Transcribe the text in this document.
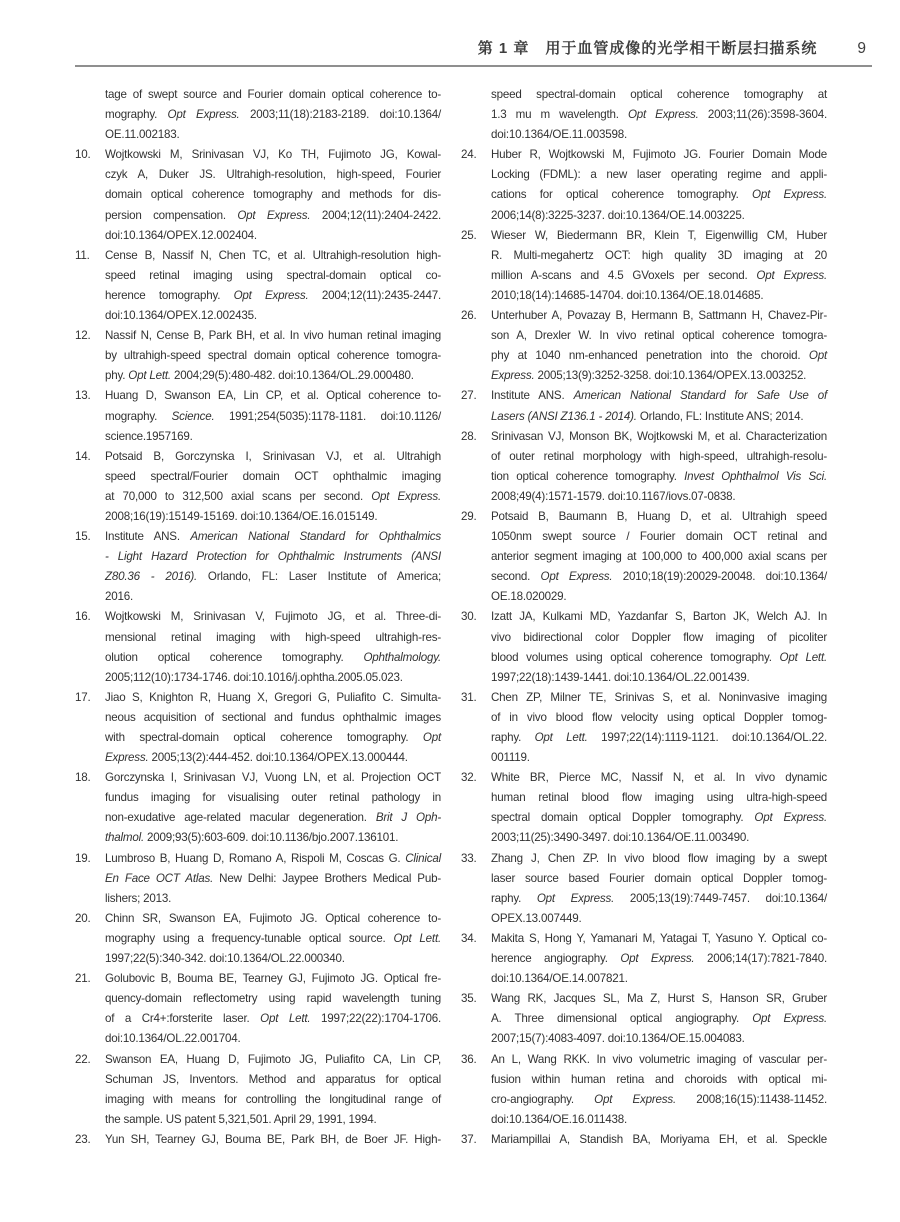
第 1 章　用于血管成像的光学相干断层扫描系统	9
tage of swept source and Fourier domain optical coherence to-
mography. Opt Express. 2003;11(18):2183-2189. doi:10.1364/
OE.11.002183.
10.	Wojtkowski M, Srinivasan VJ, Ko TH, Fujimoto JG, Kowal-
czyk A, Duker JS. Ultrahigh-resolution, high-speed, Fourier
domain optical coherence tomography and methods for dis-
persion compensation. Opt Express. 2004;12(11):2404-2422.
doi:10.1364/OPEX.12.002404.
11.	Cense B, Nassif N, Chen TC, et al. Ultrahigh-resolution high-
speed retinal imaging using spectral-domain optical co-
herence tomography. Opt Express. 2004;12(11):2435-2447.
doi:10.1364/OPEX.12.002435.
12.	Nassif N, Cense B, Park BH, et al. In vivo human retinal imaging
by ultrahigh-speed spectral domain optical coherence tomogra-
phy. Opt Lett. 2004;29(5):480-482. doi:10.1364/OL.29.000480.
13.	Huang D, Swanson EA, Lin CP, et al. Optical coherence to-
mography. Science. 1991;254(5035):1178-1181. doi:10.1126/
science.1957169.
14.	Potsaid B, Gorczynska I, Srinivasan VJ, et al. Ultrahigh
speed spectral/Fourier domain OCT ophthalmic imaging
at 70,000 to 312,500 axial scans per second. Opt Express.
2008;16(19):15149-15169. doi:10.1364/OE.16.015149.
15.	Institute ANS. American National Standard for Ophthalmics
- Light Hazard Protection for Ophthalmic Instruments (ANSI
Z80.36 - 2016). Orlando, FL: Laser Institute of America;
2016.
16.	Wojtkowski M, Srinivasan V, Fujimoto JG, et al. Three-di-
mensional retinal imaging with high-speed ultrahigh-res-
olution optical coherence tomography. Ophthalmology.
2005;112(10):1734-1746. doi:10.1016/j.ophtha.2005.05.023.
17.	Jiao S, Knighton R, Huang X, Gregori G, Puliafito C. Simulta-
neous acquisition of sectional and fundus ophthalmic images
with spectral-domain optical coherence tomography. Opt
Express. 2005;13(2):444-452. doi:10.1364/OPEX.13.000444.
18.	Gorczynska I, Srinivasan VJ, Vuong LN, et al. Projection OCT
fundus imaging for visualising outer retinal pathology in
non-exudative age-related macular degeneration. Brit J Oph-
thalmol. 2009;93(5):603-609. doi:10.1136/bjo.2007.136101.
19.	Lumbroso B, Huang D, Romano A, Rispoli M, Coscas G. Clinical
En Face OCT Atlas. New Delhi: Jaypee Brothers Medical Pub-
lishers; 2013.
20.	Chinn SR, Swanson EA, Fujimoto JG. Optical coherence to-
mography using a frequency-tunable optical source. Opt Lett.
1997;22(5):340-342. doi:10.1364/OL.22.000340.
21.	Golubovic B, Bouma BE, Tearney GJ, Fujimoto JG. Optical fre-
quency-domain reflectometry using rapid wavelength tuning
of a Cr4+:forsterite laser. Opt Lett. 1997;22(22):1704-1706.
doi:10.1364/OL.22.001704.
22.	Swanson EA, Huang D, Fujimoto JG, Puliafito CA, Lin CP,
Schuman JS, Inventors. Method and apparatus for optical
imaging with means for controlling the longitudinal range of
the sample. US patent 5,321,501. April 29, 1991, 1994.
23.	Yun SH, Tearney GJ, Bouma BE, Park BH, de Boer JF. High-
speed spectral-domain optical coherence tomography at
1.3 mu m wavelength. Opt Express. 2003;11(26):3598-3604.
doi:10.1364/OE.11.003598.
24.	Huber R, Wojtkowski M, Fujimoto JG. Fourier Domain Mode
Locking (FDML): a new laser operating regime and appli-
cations for optical coherence tomography. Opt Express.
2006;14(8):3225-3237. doi:10.1364/OE.14.003225.
25.	Wieser W, Biedermann BR, Klein T, Eigenwillig CM, Huber
R. Multi-megahertz OCT: high quality 3D imaging at 20
million A-scans and 4.5 GVoxels per second. Opt Express.
2010;18(14):14685-14704. doi:10.1364/OE.18.014685.
26.	Unterhuber A, Povazay B, Hermann B, Sattmann H, Chavez-Pir-
son A, Drexler W. In vivo retinal optical coherence tomogra-
phy at 1040 nm-enhanced penetration into the choroid. Opt
Express. 2005;13(9):3252-3258. doi:10.1364/OPEX.13.003252.
27.	Institute ANS. American National Standard for Safe Use of
Lasers (ANSI Z136.1 - 2014). Orlando, FL: Institute ANS; 2014.
28.	Srinivasan VJ, Monson BK, Wojtkowski M, et al. Characterization
of outer retinal morphology with high-speed, ultrahigh-resolu-
tion optical coherence tomography. Invest Ophthalmol Vis Sci.
2008;49(4):1571-1579. doi:10.1167/iovs.07-0838.
29.	Potsaid B, Baumann B, Huang D, et al. Ultrahigh speed
1050nm swept source / Fourier domain OCT retinal and
anterior segment imaging at 100,000 to 400,000 axial scans per
second. Opt Express. 2010;18(19):20029-20048. doi:10.1364/
OE.18.020029.
30.	Izatt JA, Kulkami MD, Yazdanfar S, Barton JK, Welch AJ. In
vivo bidirectional color Doppler flow imaging of picoliter
blood volumes using optical coherence tomography. Opt Lett.
1997;22(18):1439-1441. doi:10.1364/OL.22.001439.
31.	Chen ZP, Milner TE, Srinivas S, et al. Noninvasive imaging
of in vivo blood flow velocity using optical Doppler tomog-
raphy. Opt Lett. 1997;22(14):1119-1121. doi:10.1364/OL.22.
001119.
32.	White BR, Pierce MC, Nassif N, et al. In vivo dynamic
human retinal blood flow imaging using ultra-high-speed
spectral domain optical Doppler tomography. Opt Express.
2003;11(25):3490-3497. doi:10.1364/OE.11.003490.
33.	Zhang J, Chen ZP. In vivo blood flow imaging by a swept
laser source based Fourier domain optical Doppler tomog-
raphy. Opt Express. 2005;13(19):7449-7457. doi:10.1364/
OPEX.13.007449.
34.	Makita S, Hong Y, Yamanari M, Yatagai T, Yasuno Y. Optical co-
herence angiography. Opt Express. 2006;14(17):7821-7840.
doi:10.1364/OE.14.007821.
35.	Wang RK, Jacques SL, Ma Z, Hurst S, Hanson SR, Gruber
A. Three dimensional optical angiography. Opt Express.
2007;15(7):4083-4097. doi:10.1364/OE.15.004083.
36.	An L, Wang RKK. In vivo volumetric imaging of vascular per-
fusion within human retina and choroids with optical mi-
cro-angiography. Opt Express. 2008;16(15):11438-11452.
doi:10.1364/OE.16.011438.
37.	Mariampillai A, Standish BA, Moriyama EH, et al. Speckle
